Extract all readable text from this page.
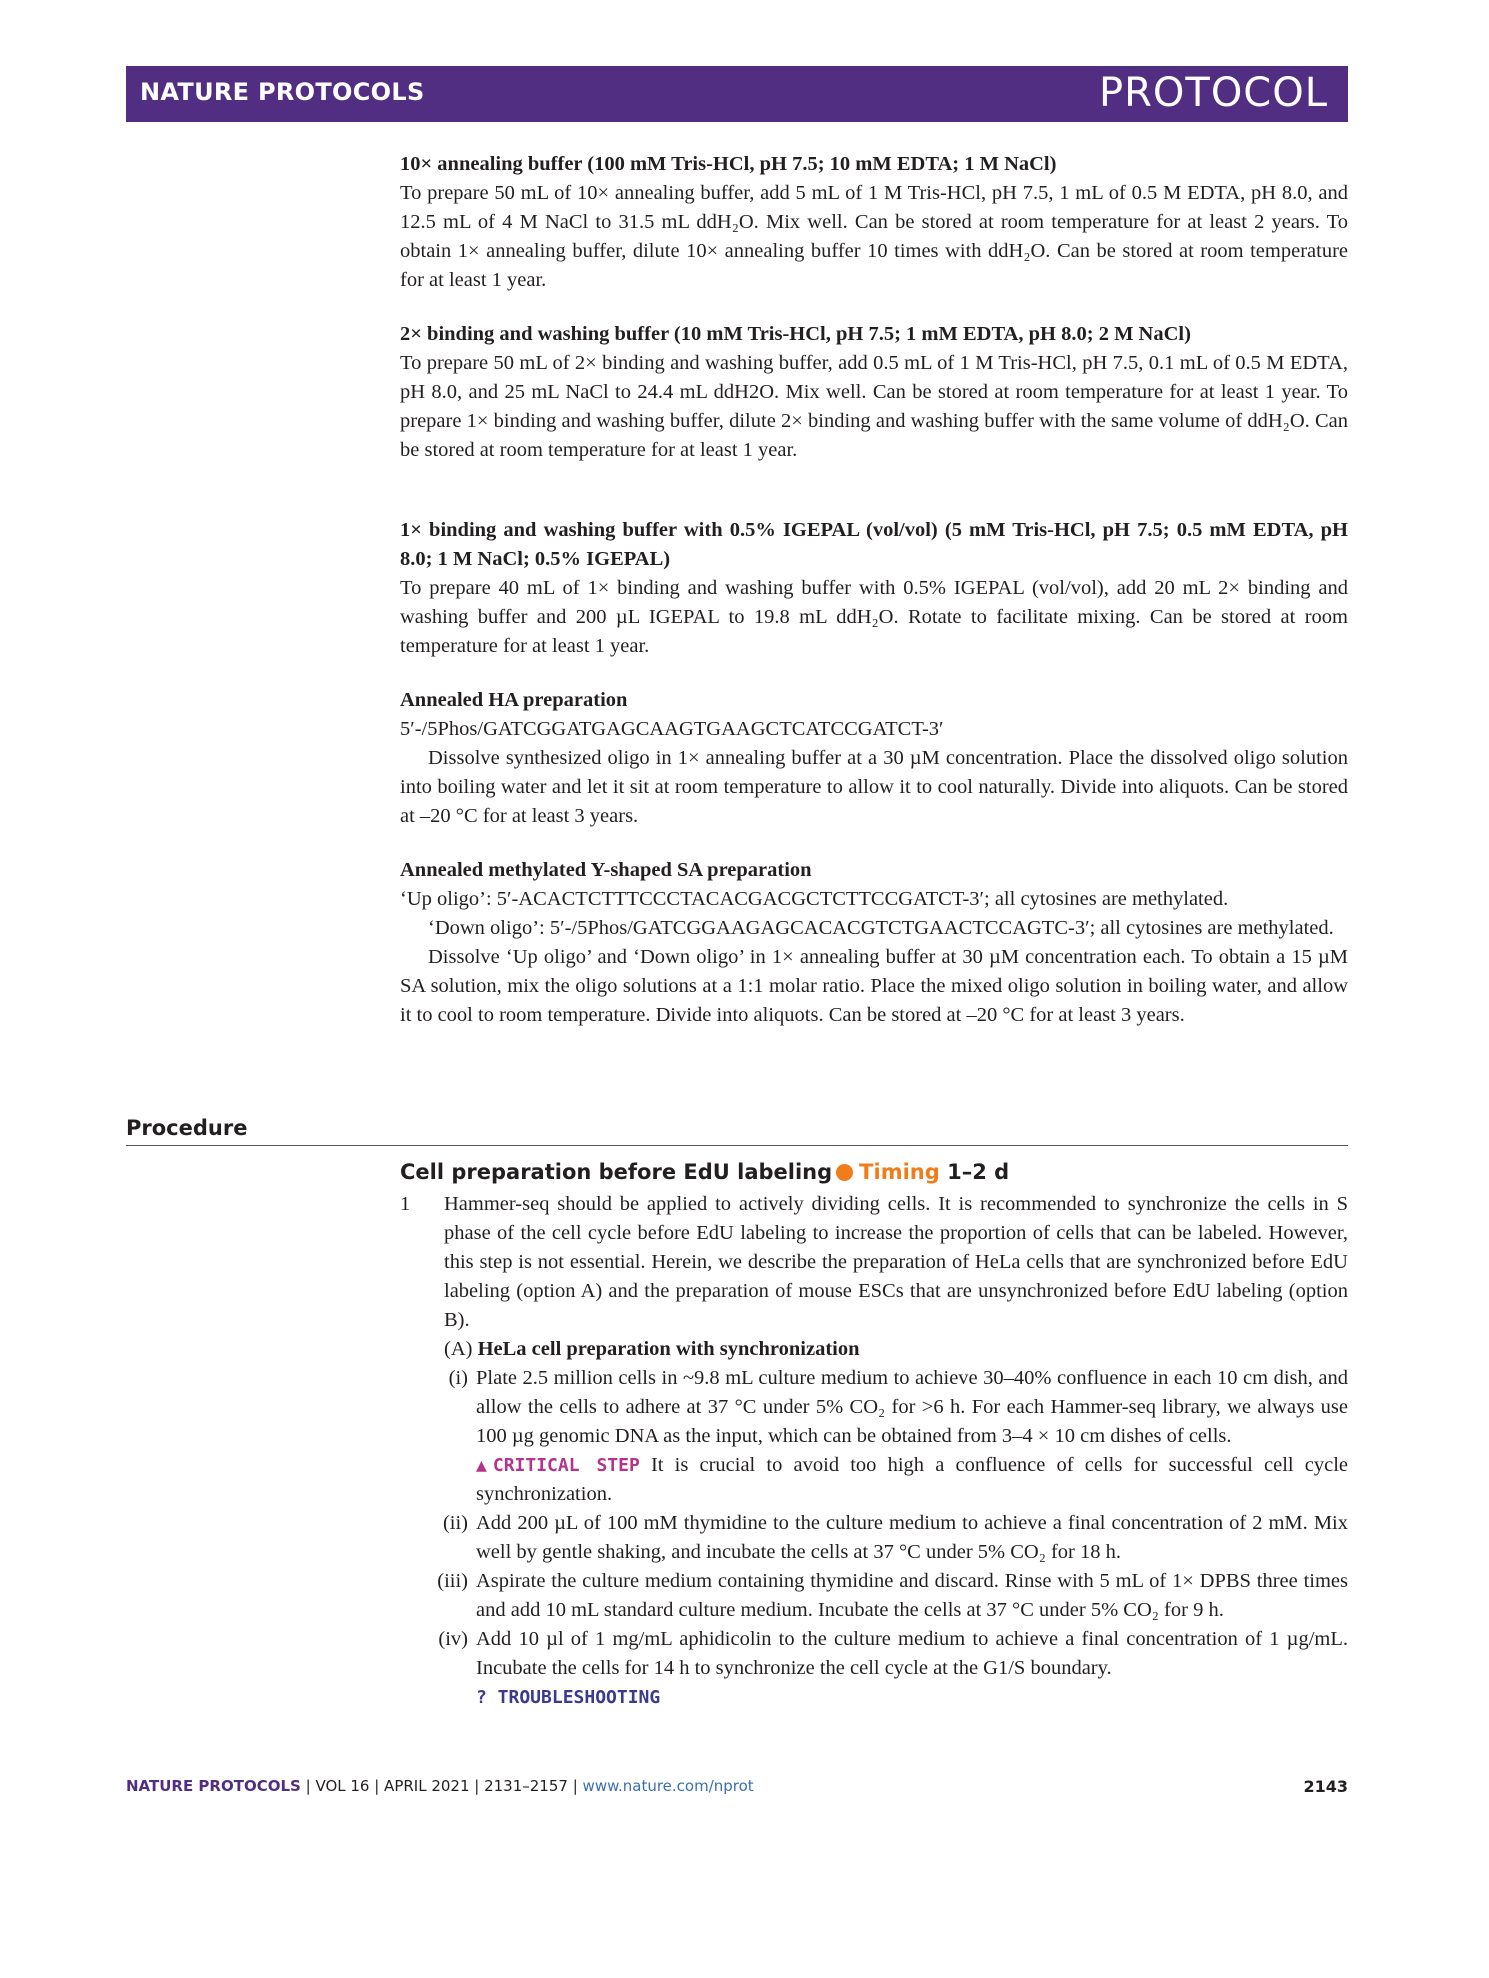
NATURE PROTOCOLS	PROTOCOL

10× annealing buffer (100 mM Tris-HCl, pH 7.5; 10 mM EDTA; 1 M NaCl)

To prepare 50 mL of 10× annealing buffer, add 5 mL of 1 M Tris-HCl, pH 7.5, 1 mL of 0.5 M EDTA, pH 8.0, and 12.5 mL of 4 M NaCl to 31.5 mL ddH₂O. Mix well. Can be stored at room temperature for at least 2 years. To obtain 1× annealing buffer, dilute 10× annealing buffer 10 times with ddH₂O. Can be stored at room temperature for at least 1 year.

2× binding and washing buffer (10 mM Tris-HCl, pH 7.5; 1 mM EDTA, pH 8.0; 2 M NaCl)

To prepare 50 mL of 2× binding and washing buffer, add 0.5 mL of 1 M Tris-HCl, pH 7.5, 0.1 mL of 0.5 M EDTA, pH 8.0, and 25 mL NaCl to 24.4 mL ddH2O. Mix well. Can be stored at room temperature for at least 1 year. To prepare 1× binding and washing buffer, dilute 2× binding and washing buffer with the same volume of ddH₂O. Can be stored at room temperature for at least 1 year.

1× binding and washing buffer with 0.5% IGEPAL (vol/vol) (5 mM Tris-HCl, pH 7.5; 0.5 mM EDTA, pH 8.0; 1 M NaCl; 0.5% IGEPAL)

To prepare 40 mL of 1× binding and washing buffer with 0.5% IGEPAL (vol/vol), add 20 mL 2× binding and washing buffer and 200 µL IGEPAL to 19.8 mL ddH₂O. Rotate to facilitate mixing. Can be stored at room temperature for at least 1 year.

Annealed HA preparation

5′-/5Phos/GATCGGATGAGCAAGTGAAGCTCATCCGATCT-3′

Dissolve synthesized oligo in 1× annealing buffer at a 30 µM concentration. Place the dissolved oligo solution into boiling water and let it sit at room temperature to allow it to cool naturally. Divide into aliquots. Can be stored at –20 °C for at least 3 years.

Annealed methylated Y-shaped SA preparation

‘Up oligo’: 5′-ACACTCTTTCCCTACACGACGCTCTTCCGATCT-3′; all cytosines are methylated.

‘Down oligo’: 5′-/5Phos/GATCGGAAGAGCACACGTCTGAACTCCAGTC-3′; all cytosines are methylated.

Dissolve ‘Up oligo’ and ‘Down oligo’ in 1× annealing buffer at 30 µM concentration each. To obtain a 15 µM SA solution, mix the oligo solutions at a 1:1 molar ratio. Place the mixed oligo solution in boiling water, and allow it to cool to room temperature. Divide into aliquots. Can be stored at –20 °C for at least 3 years.

Procedure
Cell preparation before EdU labeling Timing 1–2 d
1 Hammer-seq should be applied to actively dividing cells. It is recommended to synchronize the cells in S phase of the cell cycle before EdU labeling to increase the proportion of cells that can be labeled. However, this step is not essential. Herein, we describe the preparation of HeLa cells that are synchronized before EdU labeling (option A) and the preparation of mouse ESCs that are unsynchronized before EdU labeling (option B).

(A) HeLa cell preparation with synchronization
(i) Plate 2.5 million cells in ~9.8 mL culture medium to achieve 30–40% confluence in each 10 cm dish, and allow the cells to adhere at 37 °C under 5% CO₂ for >6 h. For each Hammer-seq library, we always use 100 µg genomic DNA as the input, which can be obtained from 3–4 × 10 cm dishes of cells.
▲CRITICAL STEP It is crucial to avoid too high a confluence of cells for successful cell cycle synchronization.
(ii) Add 200 µL of 100 mM thymidine to the culture medium to achieve a final concentration of 2 mM. Mix well by gentle shaking, and incubate the cells at 37 °C under 5% CO₂ for 18 h.
(iii) Aspirate the culture medium containing thymidine and discard. Rinse with 5 mL of 1× DPBS three times and add 10 mL standard culture medium. Incubate the cells at 37 °C under 5% CO₂ for 9 h.
(iv) Add 10 µl of 1 mg/mL aphidicolin to the culture medium to achieve a final concentration of 1 µg/mL. Incubate the cells for 14 h to synchronize the cell cycle at the G1/S boundary.
? TROUBLESHOOTING
NATURE PROTOCOLS | VOL 16 | APRIL 2021 | 2131–2157 | www.nature.com/nprot	2143
